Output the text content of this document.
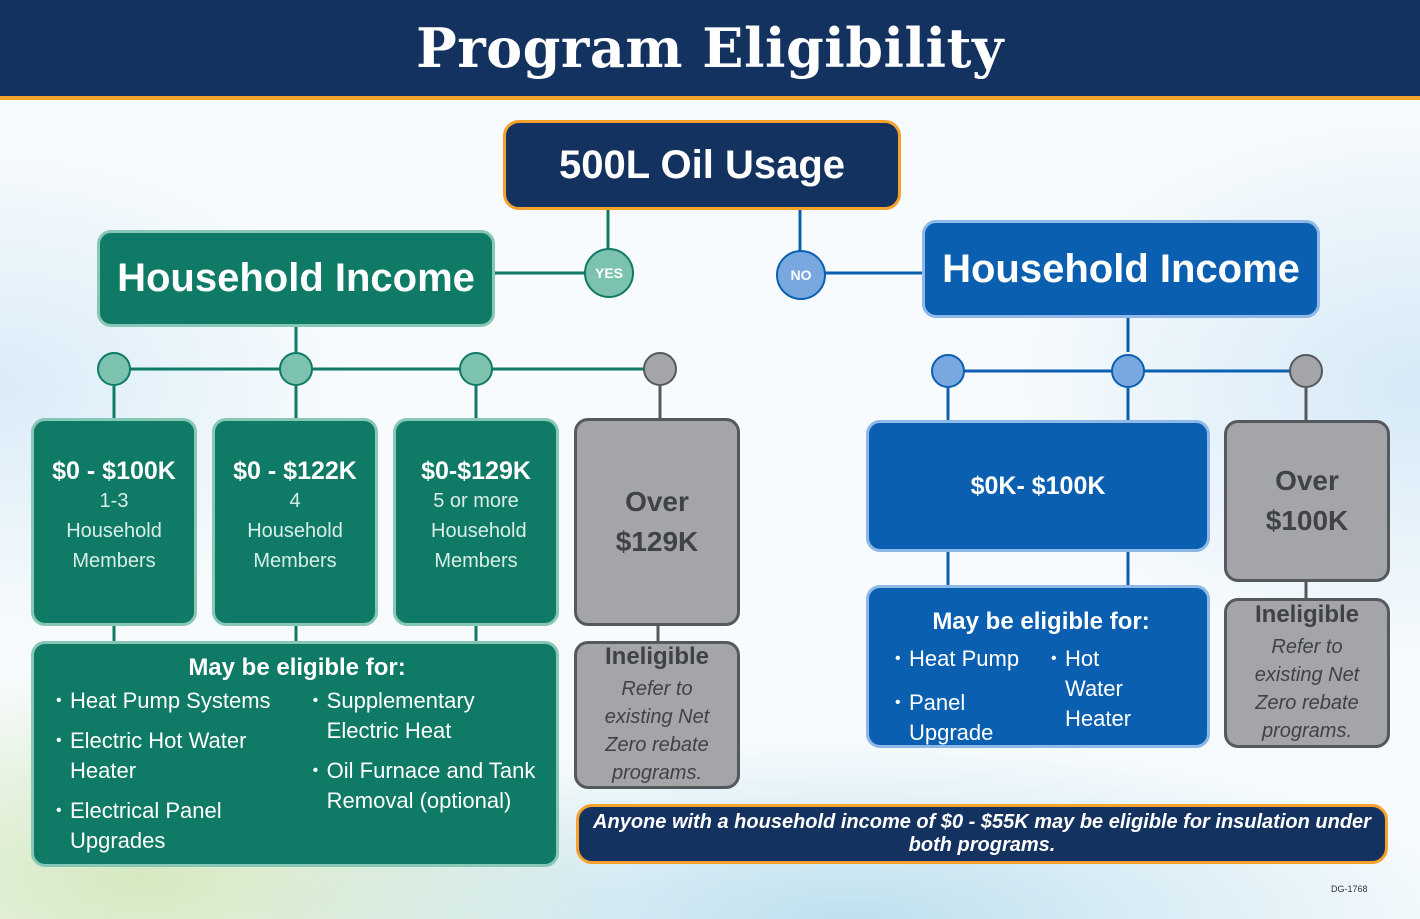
Program Eligibility
500L Oil Usage
YES	NO
Household Income	Household Income
$0 - $100K
1-3 Household Members
$0 - $122K
4 Household Members
$0-$129K
5 or more Household Members
Over $129K
May be eligible for:
• Heat Pump Systems
• Electric Hot Water Heater
• Electrical Panel Upgrades
• Supplementary Electric Heat
• Oil Furnace and Tank Removal (optional)
Ineligible
Refer to existing Net Zero rebate programs.
$0K- $100K	Over $100K
May be eligible for:
• Heat Pump
• Panel Upgrade
• Hot Water Heater
Ineligible
Refer to existing Net Zero rebate programs.
Anyone with a household income of $0 - $55K may be eligible for insulation under both programs.
DG-1768
